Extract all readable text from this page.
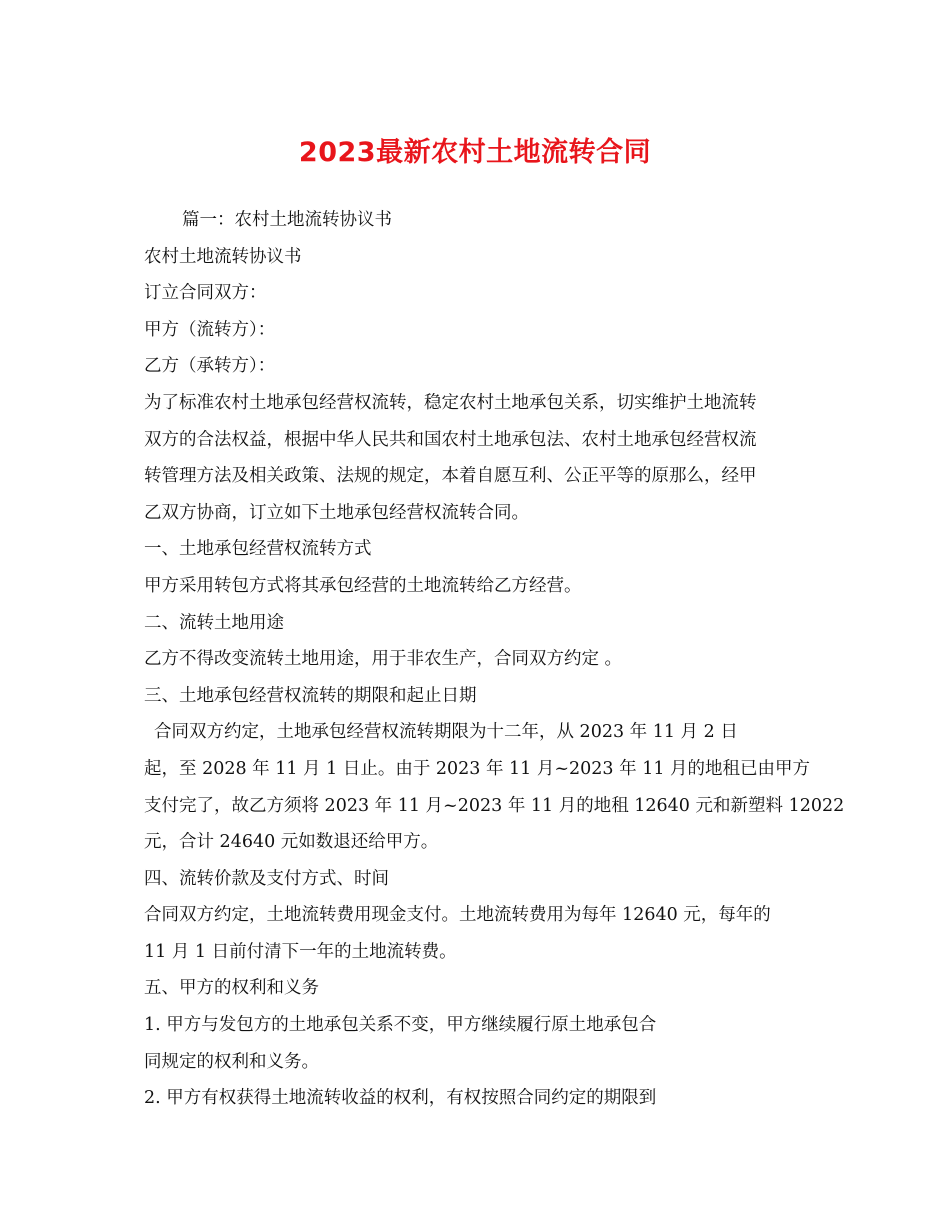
2023最新农村土地流转合同
篇一：农村土地流转协议书
农村土地流转协议书
订立合同双方：
甲方（流转方）：
乙方（承转方）：
为了标准农村土地承包经营权流转，稳定农村土地承包关系，切实维护土地流转
双方的合法权益，根据中华人民共和国农村土地承包法、农村土地承包经营权流
转管理方法及相关政策、法规的规定，本着自愿互利、公正平等的原那么，经甲
乙双方协商，订立如下土地承包经营权流转合同。
一、土地承包经营权流转方式
甲方采用转包方式将其承包经营的土地流转给乙方经营。
二、流转土地用途
乙方不得改变流转土地用途，用于非农生产，合同双方约定 。
三、土地承包经营权流转的期限和起止日期
合同双方约定，土地承包经营权流转期限为十二年，从 2023 年 11 月 2 日
起，至 2028 年 11 月 1 日止。由于 2023 年 11 月~2023 年 11 月的地租已由甲方
支付完了，故乙方须将 2023 年 11 月~2023 年 11 月的地租 12640 元和新塑料 12022
元，合计 24640 元如数退还给甲方。
四、流转价款及支付方式、时间
合同双方约定，土地流转费用现金支付。土地流转费用为每年 12640 元，每年的
11 月 1 日前付清下一年的土地流转费。
五、甲方的权利和义务
1. 甲方与发包方的土地承包关系不变，甲方继续履行原土地承包合
同规定的权利和义务。
2. 甲方有权获得土地流转收益的权利，有权按照合同约定的期限到
